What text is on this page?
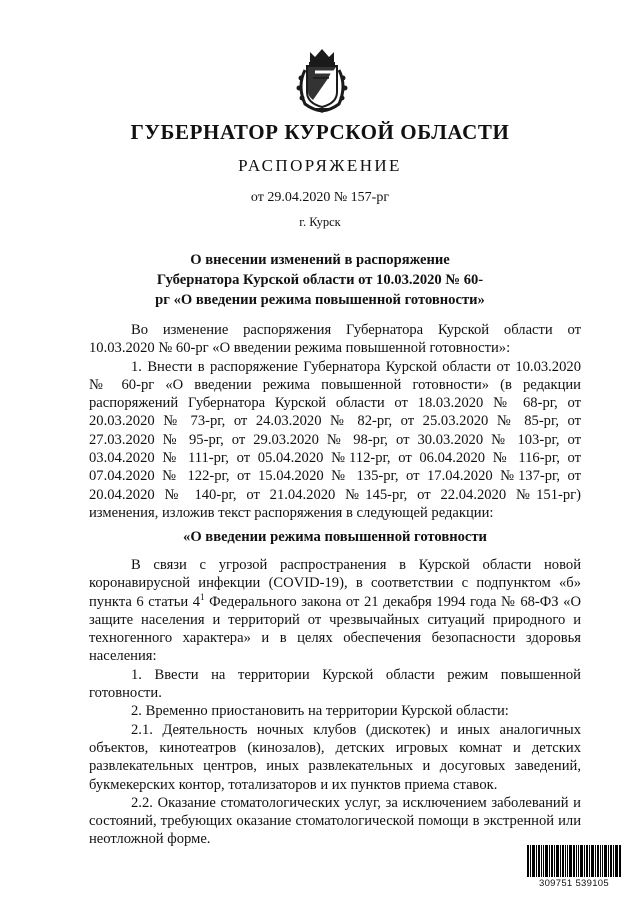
ГУБЕРНАТОР КУРСКОЙ ОБЛАСТИ
РАСПОРЯЖЕНИЕ
от 29.04.2020 № 157-рг
г. Курск
О внесении изменений в распоряжение Губернатора Курской области от 10.03.2020 № 60-рг «О введении режима повышенной готовности»

Во изменение распоряжения Губернатора Курской области от 10.03.2020 № 60-рг «О введении режима повышенной готовности»:

1. Внести в распоряжение Губернатора Курской области от 10.03.2020 № 60-рг «О введении режима повышенной готовности» (в редакции распоряжений Губернатора Курской области от 18.03.2020 № 68-рг, от 20.03.2020 № 73-рг, от 24.03.2020 № 82-рг, от 25.03.2020 № 85-рг, от 27.03.2020 № 95-рг, от 29.03.2020 № 98-рг, от 30.03.2020 № 103-рг, от 03.04.2020 № 111-рг, от 05.04.2020 №112-рг, от 06.04.2020 № 116-рг, от 07.04.2020 № 122-рг, от 15.04.2020 № 135-рг, от 17.04.2020 №137-рг, от 20.04.2020 № 140-рг, от 21.04.2020 №145-рг, от 22.04.2020 №151-рг) изменения, изложив текст распоряжения в следующей редакции:

«О введении режима повышенной готовности

В связи с угрозой распространения в Курской области новой коронавирусной инфекции (COVID-19), в соответствии с подпунктом «б» пункта 6 статьи $4^1$ Федерального закона от 21 декабря 1994 года № 68-ФЗ «О защите населения и территорий от чрезвычайных ситуаций природного и техногенного характера» и в целях обеспечения безопасности здоровья населения:

1. Ввести на территории Курской области режим повышенной готовности.

2. Временно приостановить на территории Курской области:

2.1. Деятельность ночных клубов (дискотек) и иных аналогичных объектов, кинотеатров (кинозалов), детских игровых комнат и детских развлекательных центров, иных развлекательных и досуговых заведений, букмекерских контор, тотализаторов и их пунктов приема ставок.

2.2. Оказание стоматологических услуг, за исключением заболеваний и состояний, требующих оказание стоматологической помощи в экстренной или неотложной форме.

309751 539105
